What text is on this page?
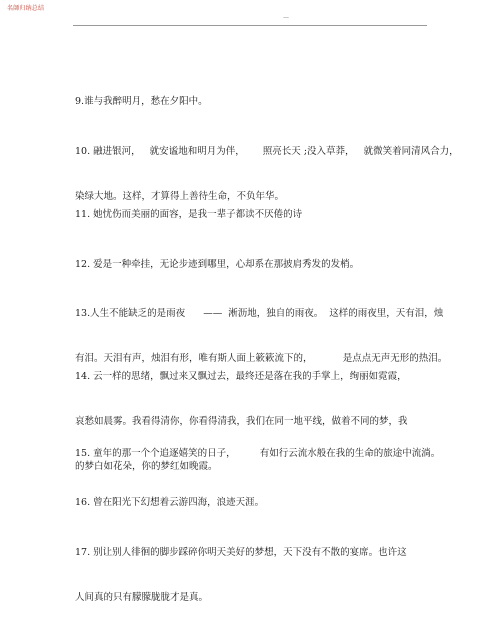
名師归纳总结
—

9.谁与我醉明月，愁在夕阳中。

10. 融进银河，   就安谧地和明月为伴，      照亮长天 ;没入草莽，   就微笑着同清风合力，

染绿大地。这样，才算得上善待生命，不负年华。

11. 她忧伤而美丽的面容，是我一辈子都读不厌倦的诗

12. 爱是一种牵挂，无论步迹到哪里，心却系在那披肩秀发的发梢。

13.人生不能缺乏的是雨夜      ——  淅沥地，独自的雨夜。  这样的雨夜里，天有泪，烛

有泪。天泪有声，烛泪有形，唯有斯人面上簌簌流下的，          是点点无声无形的热泪。

14. 云一样的思绪，飘过来又飘过去，最终还是落在我的手掌上，绚丽如霓霞，

哀愁如晨雾。我看得清你，你看得清我，我们在同一地平线，做着不同的梦，我

的梦白如花朵，你的梦红如晚霞。

15. 童年的那一个个追逐嬉笑的日子，        有如行云流水般在我的生命的旅途中流淌。

16. 曾在阳光下幻想着云游四海，浪迹天涯。

17. 别让别人徘徊的脚步踩碎你明天美好的梦想，天下没有不散的宴席。也许这

人间真的只有朦朦胧胧才是真。
